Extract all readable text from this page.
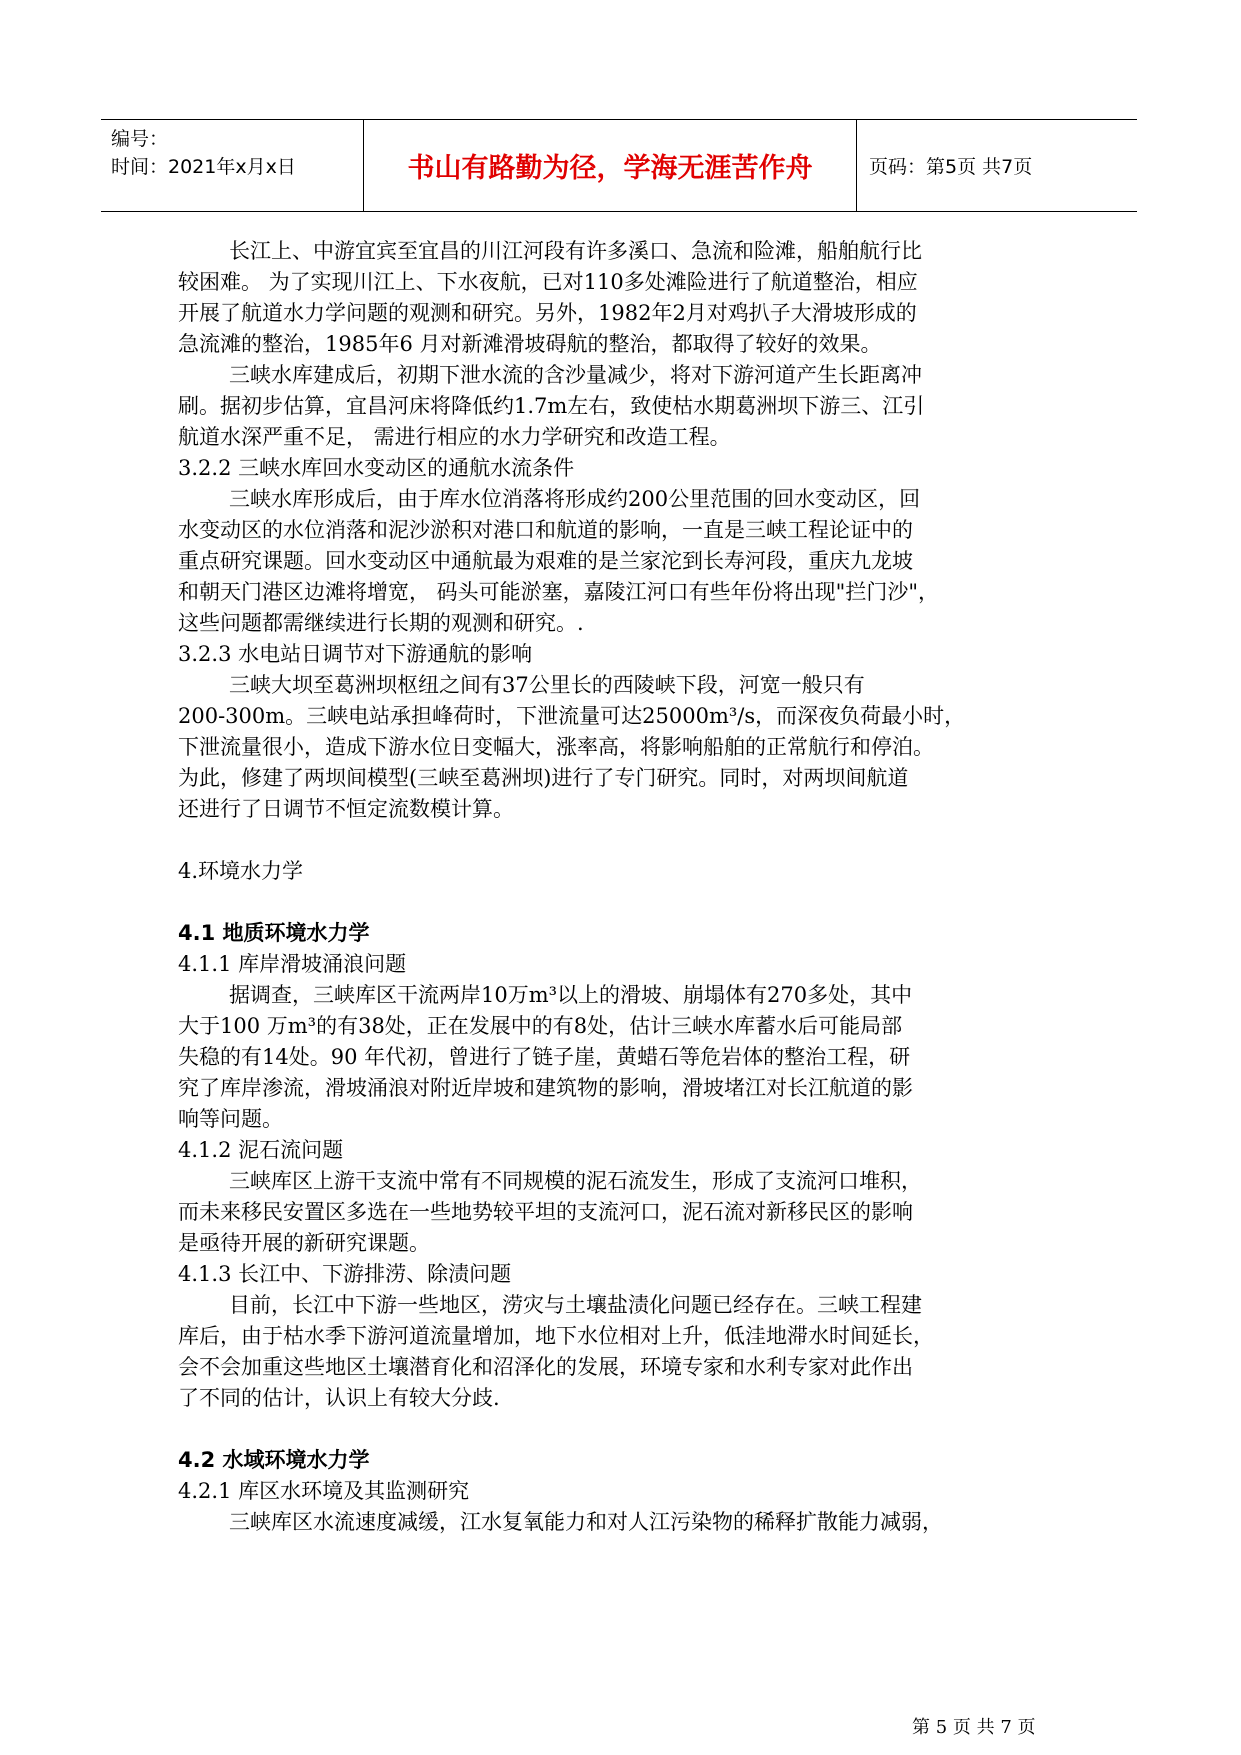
编号：
时间：2021年x月x日	书山有路勤为径，学海无涯苦作舟	页码：第5页 共7页
长江上、中游宜宾至宜昌的川江河段有许多溪口、急流和险滩，船舶航行比
较困难。 为了实现川江上、下水夜航，已对110多处滩险进行了航道整治，相应
开展了航道水力学问题的观测和研究。另外，1982年2月对鸡扒子大滑坡形成的
急流滩的整治，1985年6 月对新滩滑坡碍航的整治，都取得了较好的效果。
三峡水库建成后，初期下泄水流的含沙量减少，将对下游河道产生长距离冲
刷。据初步估算，宜昌河床将降低约1.7m左右，致使枯水期葛洲坝下游三、江引
航道水深严重不足， 需进行相应的水力学研究和改造工程。
3.2.2 三峡水库回水变动区的通航水流条件
三峡水库形成后，由于库水位消落将形成约200公里范围的回水变动区，回
水变动区的水位消落和泥沙淤积对港口和航道的影响，一直是三峡工程论证中的
重点研究课题。回水变动区中通航最为艰难的是兰家沱到长寿河段，重庆九龙坡
和朝天门港区边滩将增宽， 码头可能淤塞，嘉陵江河口有些年份将出现"拦门沙"，
这些问题都需继续进行长期的观测和研究。.
3.2.3 水电站日调节对下游通航的影响
三峡大坝至葛洲坝枢纽之间有37公里长的西陵峡下段，河宽一般只有
200-300m。三峡电站承担峰荷时，下泄流量可达25000m³/s，而深夜负荷最小时，
下泄流量很小，造成下游水位日变幅大，涨率高，将影响船舶的正常航行和停泊。
为此，修建了两坝间模型(三峡至葛洲坝)进行了专门研究。同时，对两坝间航道
还进行了日调节不恒定流数模计算。
4.环境水力学
4.1 地质环境水力学
4.1.1 库岸滑坡涌浪问题
据调查，三峡库区干流两岸10万m³以上的滑坡、崩塌体有270多处，其中
大于100 万m³的有38处，正在发展中的有8处，估计三峡水库蓄水后可能局部
失稳的有14处。90 年代初，曾进行了链子崖，黄蜡石等危岩体的整治工程，研
究了库岸渗流，滑坡涌浪对附近岸坡和建筑物的影响，滑坡堵江对长江航道的影
响等问题。
4.1.2 泥石流问题
三峡库区上游干支流中常有不同规模的泥石流发生，形成了支流河口堆积，
而未来移民安置区多选在一些地势较平坦的支流河口，泥石流对新移民区的影响
是亟待开展的新研究课题。
4.1.3 长江中、下游排涝、除渍问题
目前，长江中下游一些地区，涝灾与土壤盐渍化问题已经存在。三峡工程建
库后，由于枯水季下游河道流量增加，地下水位相对上升，低洼地滞水时间延长，
会不会加重这些地区土壤潜育化和沼泽化的发展，环境专家和水利专家对此作出
了不同的估计，认识上有较大分歧.
4.2 水域环境水力学
4.2.1 库区水环境及其监测研究
三峡库区水流速度减缓，江水复氧能力和对人江污染物的稀释扩散能力减弱，
第 5 页 共 7 页
